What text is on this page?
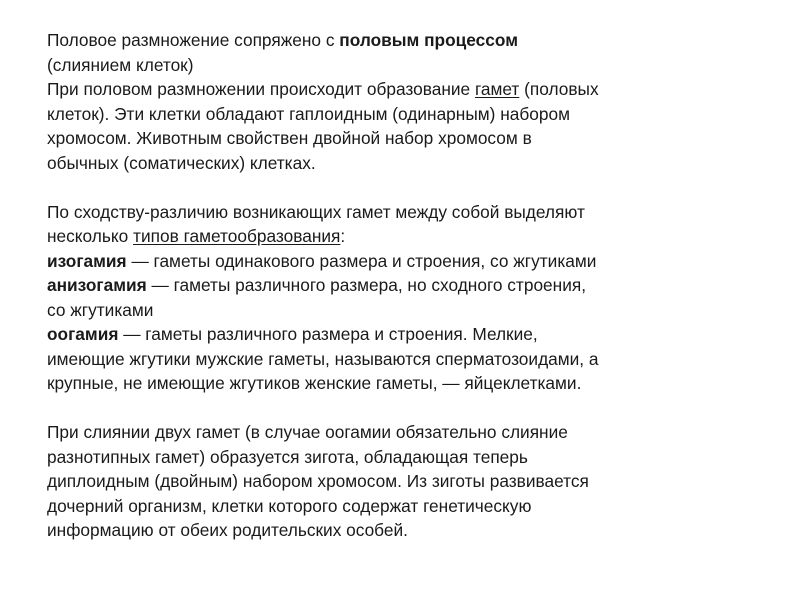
Половое размножение сопряжено с половым процессом
(слиянием клеток)
При половом размножении происходит образование гамет (половых
клеток). Эти клетки обладают гаплоидным (одинарным) набором
хромосом. Животным свойствен двойной набор хромосом в
обычных (соматических) клетках.
По сходству-различию возникающих гамет между собой выделяют
несколько типов гаметообразования:
изогамия — гаметы одинакового размера и строения, со жгутиками
анизогамия — гаметы различного размера, но сходного строения,
со жгутиками
оогамия — гаметы различного размера и строения. Мелкие,
имеющие жгутики мужские гаметы, называются сперматозоидами, а
крупные, не имеющие жгутиков женские гаметы, — яйцеклетками.
При слиянии двух гамет (в случае оогамии обязательно слияние
разнотипных гамет) образуется зигота, обладающая теперь
диплоидным (двойным) набором хромосом. Из зиготы развивается
дочерний организм, клетки которого содержат генетическую
информацию от обеих родительских особей.
